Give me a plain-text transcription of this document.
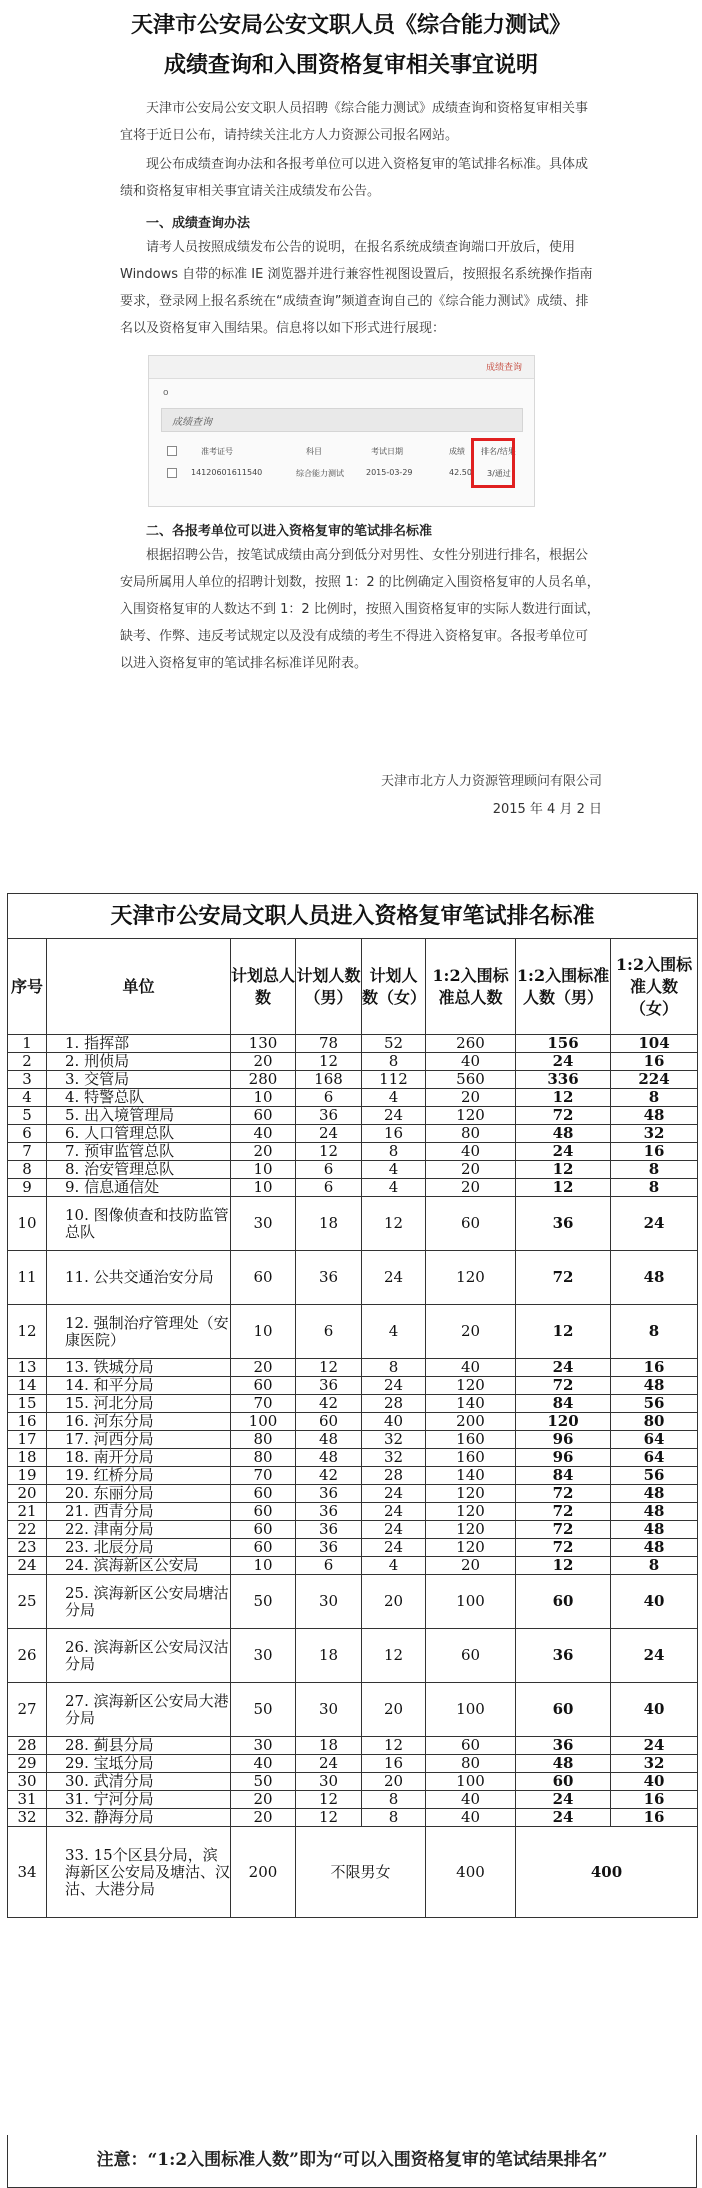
天津市公安局公安文职人员《综合能力测试》
成绩查询和入围资格复审相关事宜说明

天津市公安局公安文职人员招聘《综合能力测试》成绩查询和资格复审相关事宜将于近日公布，请持续关注北方人力资源公司报名网站。

现公布成绩查询办法和各报考单位可以进入资格复审的笔试排名标准。具体成绩和资格复审相关事宜请关注成绩发布公告。

一、成绩查询办法

请考人员按照成绩发布公告的说明，在报名系统成绩查询端口开放后，使用 Windows 自带的标准 IE 浏览器并进行兼容性视图设置后，按照报名系统操作指南要求，登录网上报名系统在“成绩查询”频道查询自己的《综合能力测试》成绩、排名以及资格复审入围结果。信息将以如下形式进行展现：

成绩查询
o
成绩查询
准考证号	科目	考试日期	成绩 排名/结果
14120601611540	综合能力测试	2015-03-29	42.50 3/通过
二、各报考单位可以进入资格复审的笔试排名标准

根据招聘公告，按笔试成绩由高分到低分对男性、女性分别进行排名，根据公安局所属用人单位的招聘计划数，按照 1：2 的比例确定入围资格复审的人员名单，入围资格复审的人数达不到 1：2 比例时，按照入围资格复审的实际人数进行面试，缺考、作弊、违反考试规定以及没有成绩的考生不得进入资格复审。各报考单位可以进入资格复审的笔试排名标准详见附表。

天津市北方人力资源管理顾问有限公司
2015 年 4 月 2 日
天津市公安局文职人员进入资格复审笔试排名标准							
序号	单位	计划总人数	计划人数（男）	计划人数（女）	1:2入围标准总人数	1:2入围标准人数（男）	1:2入围标准人数（女）
1	1. 指挥部	130	78	52	260	156	104
2	2. 刑侦局	20	12	8	40	24	16
3	3. 交管局	280	168	112	560	336	224
4	4. 特警总队	10	6	4	20	12	8
5	5. 出入境管理局	60	36	24	120	72	48
6	6. 人口管理总队	40	24	16	80	48	32
7	7. 预审监管总队	20	12	8	40	24	16
8	8. 治安管理总队	10	6	4	20	12	8
9	9. 信息通信处	10	6	4	20	12	8
10	10. 图像侦查和技防监管总队	30	18	12	60	36	24
11	11. 公共交通治安分局	60	36	24	120	72	48
12	12. 强制治疗管理处（安康医院）	10	6	4	20	12	8
13	13. 铁城分局	20	12	8	40	24	16
14	14. 和平分局	60	36	24	120	72	48
15	15. 河北分局	70	42	28	140	84	56
16	16. 河东分局	100	60	40	200	120	80
17	17. 河西分局	80	48	32	160	96	64
18	18. 南开分局	80	48	32	160	96	64
19	19. 红桥分局	70	42	28	140	84	56
20	20. 东丽分局	60	36	24	120	72	48
21	21. 西青分局	60	36	24	120	72	48
22	22. 津南分局	60	36	24	120	72	48
23	23. 北辰分局	60	36	24	120	72	48
24	24. 滨海新区公安局	10	6	4	20	12	8
25	25. 滨海新区公安局塘沽分局	50	30	20	100	60	40
26	26. 滨海新区公安局汉沽分局	30	18	12	60	36	24
27	27. 滨海新区公安局大港分局	50	30	20	100	60	40
28	28. 蓟县分局	30	18	12	60	36	24
29	29. 宝坻分局	40	24	16	80	48	32
30	30. 武清分局	50	30	20	100	60	40
31	31. 宁河分局	20	12	8	40	24	16
32	32. 静海分局	20	12	8	40	24	16
34	33. 15个区县分局，滨海新区公安局及塘沽、汉沽、大港分局	200	不限男女		400	400	
注意：“1:2入围标准人数”即为“可以入围资格复审的笔试结果排名”
